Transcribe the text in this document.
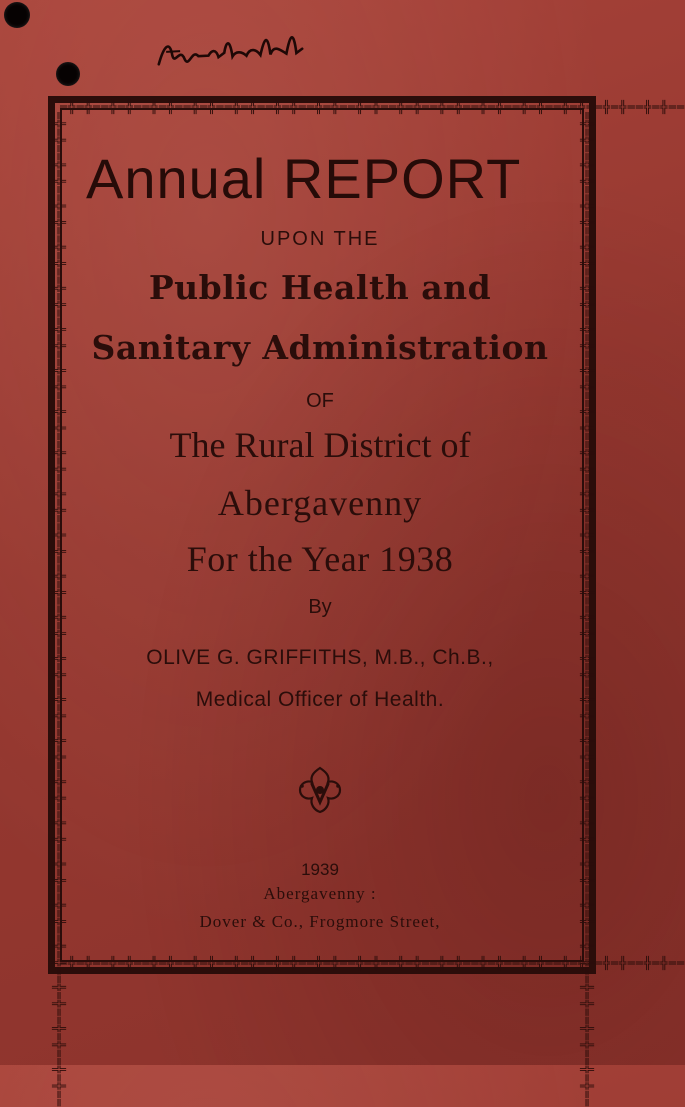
═╬═╬══╬═╬══╬═╬══╬═╬══╬═╬══╬═╬══╬═╬══╬═╬══╬═╬══╬═╬══╬═╬══╬═╬══╬═╬══╬═╬══╬═╬══
═╬═╬══╬═╬══╬═╬══╬═╬══╬═╬══╬═╬══╬═╬══╬═╬══╬═╬══╬═╬══╬═╬══╬═╬══╬═╬══╬═╬══╬═╬══
═╬═╬══╬═╬══╬═╬══╬═╬══╬═╬══╬═╬══╬═╬══╬═╬══╬═╬══╬═╬══╬═╬══╬═╬══╬═╬══╬═╬══╬═╬══╬═╬══╬═╬══╬═╬══╬═╬══╬═╬══╬═╬══╬═╬══╬═╬══╬═╬══	═╬═╬══╬═╬══╬═╬══╬═╬══╬═╬══╬═╬══╬═╬══╬═╬══╬═╬══╬═╬══╬═╬══╬═╬══╬═╬══╬═╬══╬═╬══╬═╬══╬═╬══╬═╬══╬═╬══╬═╬══╬═╬══╬═╬══╬═╬══╬═╬══
Annual REPORT
UPON THE
Public Health and
Sanitary Administration
OF
The Rural District of
Abergavenny
For the Year 1938
By
OLIVE G. GRIFFITHS, M.B., Ch.B.,
Medical Officer of Health.
1939
Abergavenny :
Dover & Co., Frogmore Street,
